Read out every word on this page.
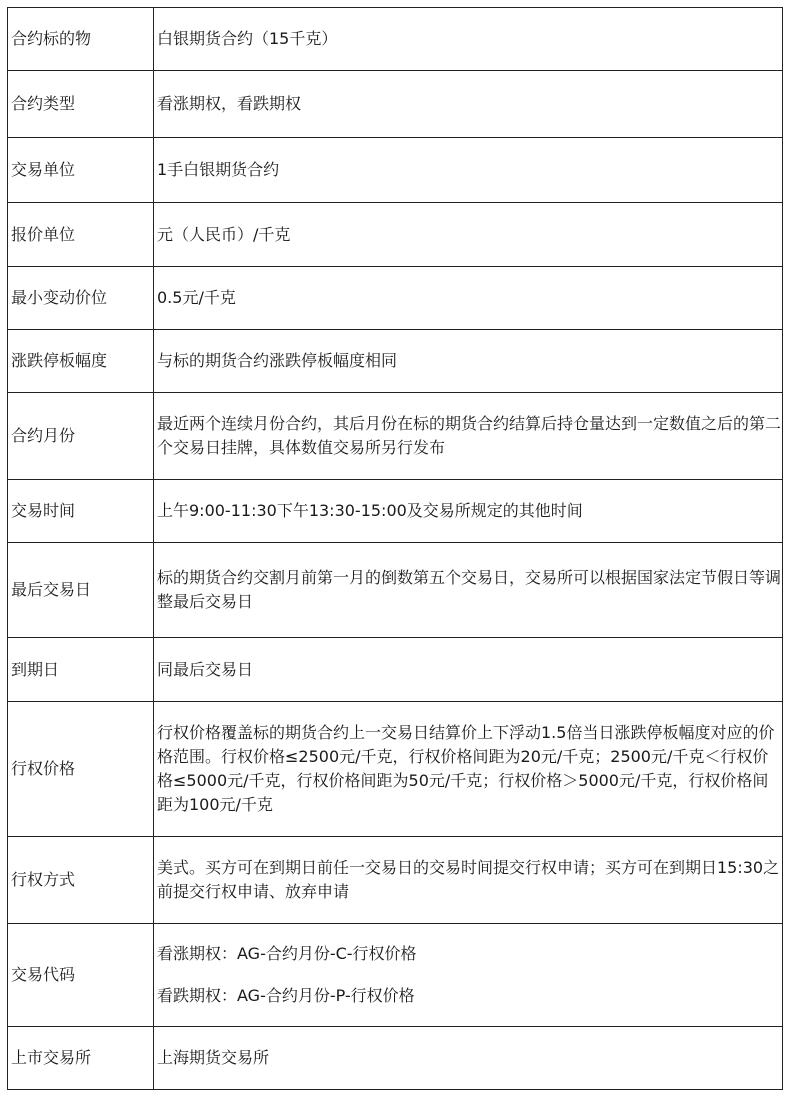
合约标的物	白银期货合约（15千克）
合约类型	看涨期权，看跌期权
交易单位	1手白银期货合约
报价单位	元（人民币）/千克
最小变动价位	0.5元/千克
涨跌停板幅度	与标的期货合约涨跌停板幅度相同
合约月份	最近两个连续月份合约，其后月份在标的期货合约结算后持仓量达到一定数值之后的第二个交易日挂牌，具体数值交易所另行发布
交易时间	上午9:00-11:30下午13:30-15:00及交易所规定的其他时间
最后交易日	标的期货合约交割月前第一月的倒数第五个交易日，交易所可以根据国家法定节假日等调整最后交易日
到期日	同最后交易日
行权价格	行权价格覆盖标的期货合约上一交易日结算价上下浮动1.5倍当日涨跌停板幅度对应的价格范围。行权价格≤2500元/千克，行权价格间距为20元/千克；2500元/千克＜行权价格≤5000元/千克，行权价格间距为50元/千克；行权价格＞5000元/千克，行权价格间距为100元/千克
行权方式	美式。买方可在到期日前任一交易日的交易时间提交行权申请；买方可在到期日15:30之前提交行权申请、放弃申请
交易代码	看涨期权：AG-合约月份-C-行权价格

看跌期权：AG-合约月份-P-行权价格

上市交易所	上海期货交易所
